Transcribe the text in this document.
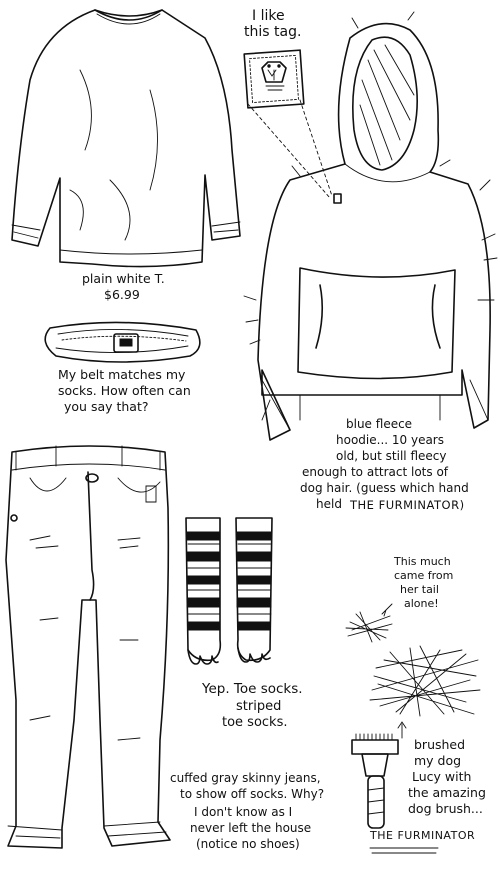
I like
this tag.
plain white T.
$6.99
My belt matches my
socks. How often can
you say that?
blue fleece
hoodie... 10 years
old, but still fleecy
enough to attract lots of
dog hair. (guess which hand
held THE FURMINATOR)
This much
came from
her tail
alone!
Yep. Toe socks.
striped
toe socks.
brushed
my dog
Lucy with
the amazing
dog brush...
THE FURMINATOR
cuffed gray skinny jeans,
to show off socks. Why?
I don't know as I
never left the house
(notice no shoes)
